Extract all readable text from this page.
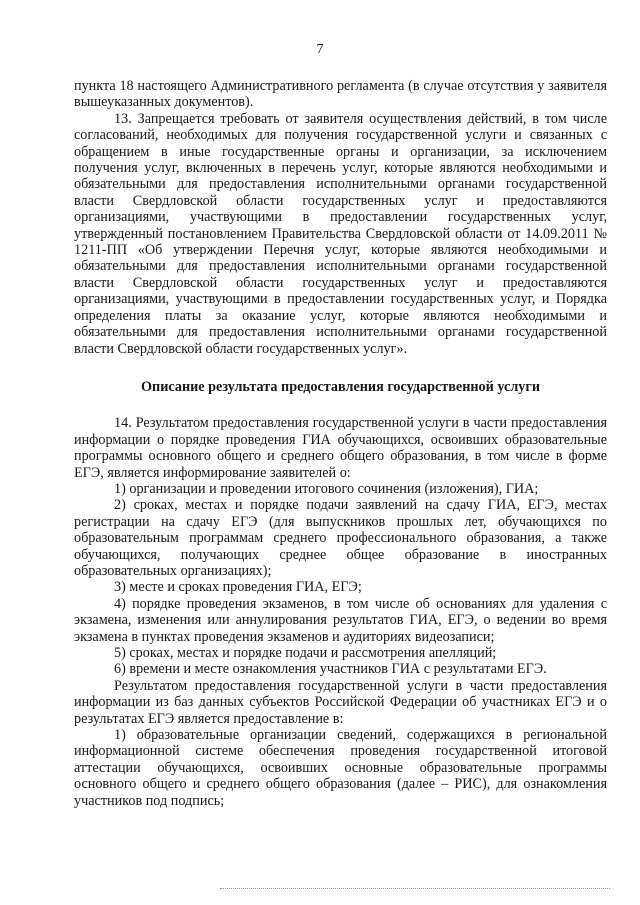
7

пункта 18 настоящего Административного регламента (в случае отсутствия у заявителя вышеуказанных документов).

13. Запрещается требовать от заявителя осуществления действий, в том числе согласований, необходимых для получения государственной услуги и связанных с обращением в иные государственные органы и организации, за исключением получения услуг, включенных в перечень услуг, которые являются необходимыми и обязательными для предоставления исполнительными органами государственной власти Свердловской области государственных услуг и предоставляются организациями, участвующими в предоставлении государственных услуг, утвержденный постановлением Правительства Свердловской области от 14.09.2011 № 1211-ПП «Об утверждении Перечня услуг, которые являются необходимыми и обязательными для предоставления исполнительными органами государственной власти Свердловской области государственных услуг и предоставляются организациями, участвующими в предоставлении государственных услуг, и Порядка определения платы за оказание услуг, которые являются необходимыми и обязательными для предоставления исполнительными органами государственной власти Свердловской области государственных услуг».

Описание результата предоставления государственной услуги

14. Результатом предоставления государственной услуги в части предоставления информации о порядке проведения ГИА обучающихся, освоивших образовательные программы основного общего и среднего общего образования, в том числе в форме ЕГЭ, является информирование заявителей о:

1) организации и проведении итогового сочинения (изложения), ГИА;

2) сроках, местах и порядке подачи заявлений на сдачу ГИА, ЕГЭ, местах регистрации на сдачу ЕГЭ (для выпускников прошлых лет, обучающихся по образовательным программам среднего профессионального образования, а также обучающихся, получающих среднее общее образование в иностранных образовательных организациях);

3) месте и сроках проведения ГИА, ЕГЭ;

4) порядке проведения экзаменов, в том числе об основаниях для удаления с экзамена, изменения или аннулирования результатов ГИА, ЕГЭ, о ведении во время экзамена в пунктах проведения экзаменов и аудиториях видеозаписи;

5) сроках, местах и порядке подачи и рассмотрения апелляций;

6) времени и месте ознакомления участников ГИА с результатами ЕГЭ.

Результатом предоставления государственной услуги в части предоставления информации из баз данных субъектов Российской Федерации об участниках ЕГЭ и о результатах ЕГЭ является предоставление в:

1) образовательные организации сведений, содержащихся в региональной информационной системе обеспечения проведения государственной итоговой аттестации обучающихся, освоивших основные образовательные программы основного общего и среднего общего образования (далее – РИС), для ознакомления участников под подпись;
